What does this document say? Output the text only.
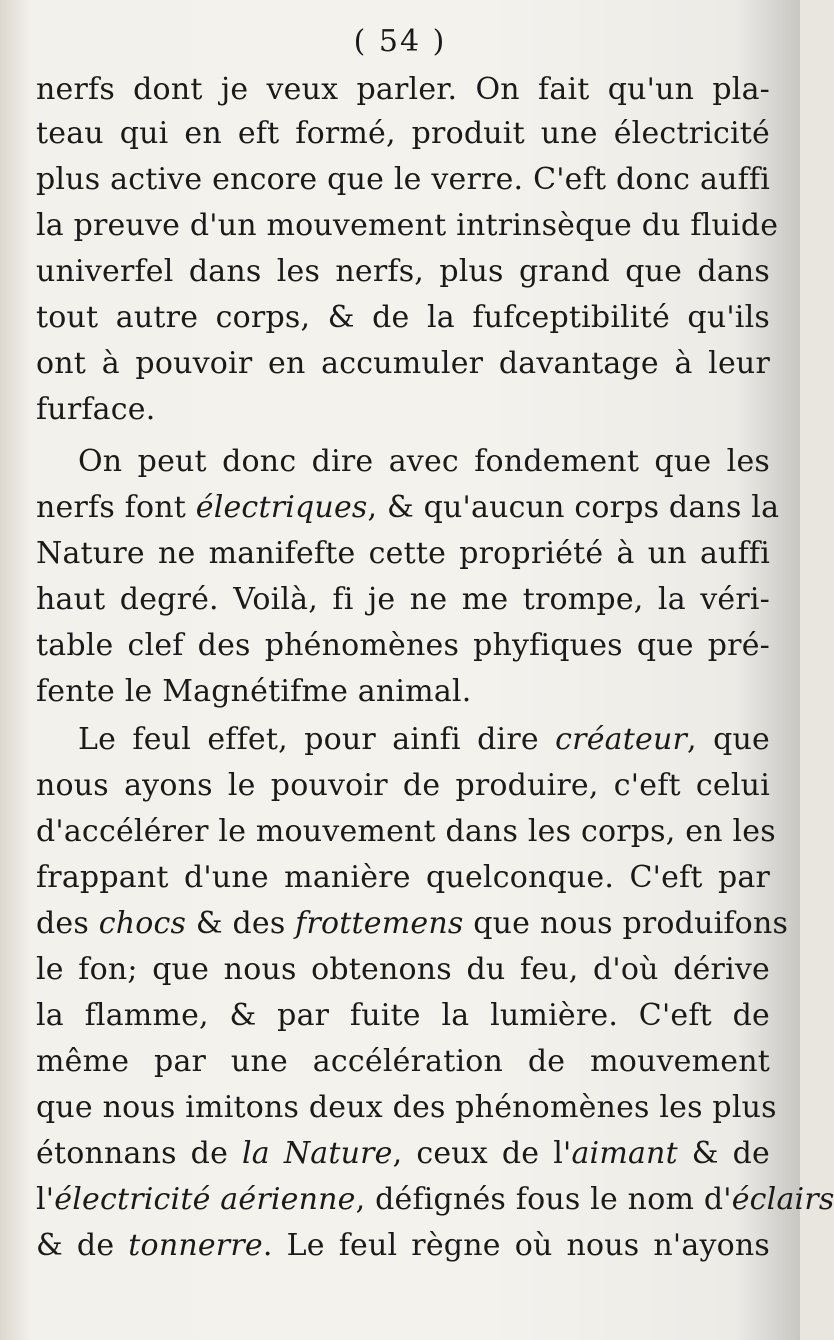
( 54 )
nerfs dont je veux parler. On fait qu'un pla-
teau qui en eft formé, produit une électricité
plus active encore que le verre. C'eft donc auffi
la preuve d'un mouvement intrinsèque du fluide
univerfel dans les nerfs, plus grand que dans
tout autre corps, & de la fufceptibilité qu'ils
ont à pouvoir en accumuler davantage à leur
furface.
On peut donc dire avec fondement que les
nerfs font électriques, & qu'aucun corps dans la
Nature ne manifefte cette propriété à un auffi
haut degré. Voilà, fi je ne me trompe, la véri-
table clef des phénomènes phyfiques que pré-
fente le Magnétifme animal.
Le feul effet, pour ainfi dire créateur, que
nous ayons le pouvoir de produire, c'eft celui
d'accélérer le mouvement dans les corps, en les
frappant d'une manière quelconque. C'eft par
des chocs & des frottemens que nous produifons
le fon; que nous obtenons du feu, d'où dérive
la flamme, & par fuite la lumière. C'eft de
même par une accélération de mouvement
que nous imitons deux des phénomènes les plus
étonnans de la Nature, ceux de l'aimant & de
l'électricité aérienne, défignés fous le nom d'éclairs
& de tonnerre. Le feul règne où nous n'ayons
